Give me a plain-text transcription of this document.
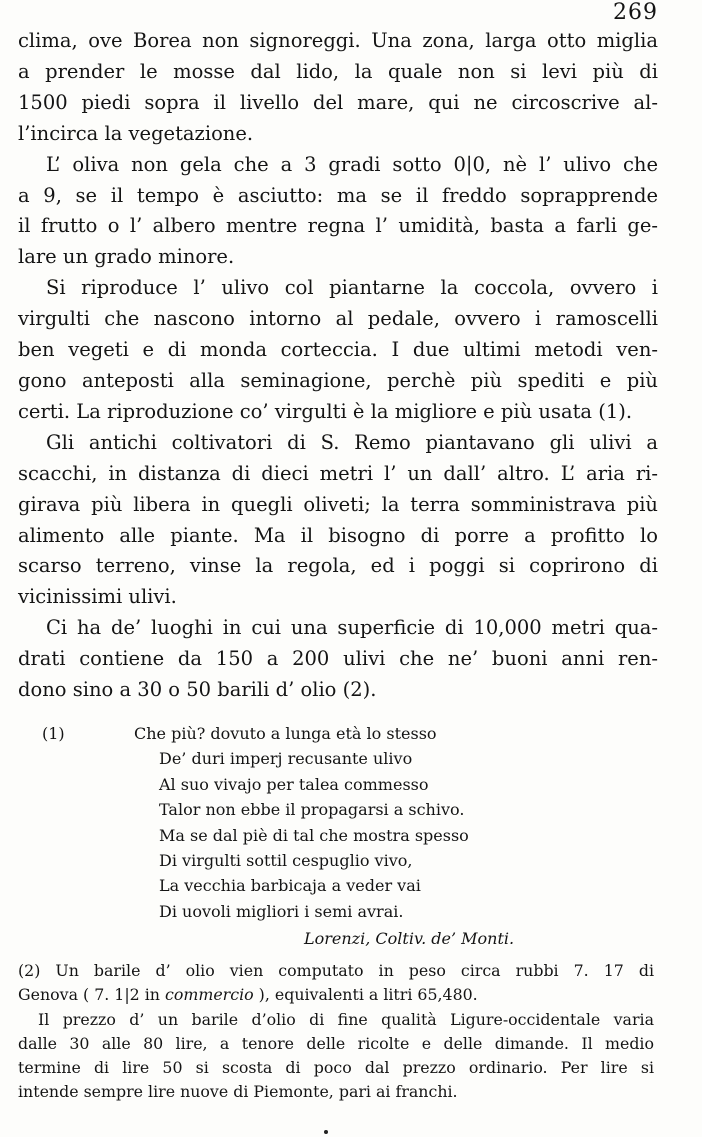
269

clima, ove Borea non signoreggi. Una zona, larga otto miglia
a prender le mosse dal lido, la quale non si levi più di
1500 piedi sopra il livello del mare, qui ne circoscrive al-
l’incirca la vegetazione.

L’ oliva non gela che a 3 gradi sotto 0|0, nè l’ ulivo che
a 9, se il tempo è asciutto: ma se il freddo soprapprende
il frutto o l’ albero mentre regna l’ umidità, basta a farli ge-
lare un grado minore.

Si riproduce l’ ulivo col piantarne la coccola, ovvero i
virgulti che nascono intorno al pedale, ovvero i ramoscelli
ben vegeti e di monda corteccia. I due ultimi metodi ven-
gono anteposti alla seminagione, perchè più spediti e più
certi. La riproduzione co’ virgulti è la migliore e più usata (1).

Gli antichi coltivatori di S. Remo piantavano gli ulivi a
scacchi, in distanza di dieci metri l’ un dall’ altro. L’ aria ri-
girava più libera in quegli oliveti; la terra somministrava più
alimento alle piante. Ma il bisogno di porre a profitto lo
scarso terreno, vinse la regola, ed i poggi si coprirono di
vicinissimi ulivi.

Ci ha de’ luoghi in cui una superficie di 10,000 metri qua-
drati contiene da 150 a 200 ulivi che ne’ buoni anni ren-
dono sino a 30 o 50 barili d’ olio (2).

(1)	Che più? dovuto a lunga età lo stesso
De’ duri imperj recusante ulivo
Al suo vivajo per talea commesso
Talor non ebbe il propagarsi a schivo.
Ma se dal piè di tal che mostra spesso
Di virgulti sottil cespuglio vivo,
La vecchia barbicaja a veder vai
Di uovoli migliori i semi avrai.
Lorenzi, Coltiv. de’ Monti.
(2) Un barile d’ olio vien computato in peso circa rubbi 7. 17 di
Genova ( 7. 1|2 in commercio ), equivalenti a litri 65,480.
Il prezzo d’ un barile d’olio di fine qualità Ligure-occidentale varia
dalle 30 alle 80 lire, a tenore delle ricolte e delle dimande. Il medio
termine di lire 50 si scosta di poco dal prezzo ordinario. Per lire si
intende sempre lire nuove di Piemonte, pari ai franchi.
